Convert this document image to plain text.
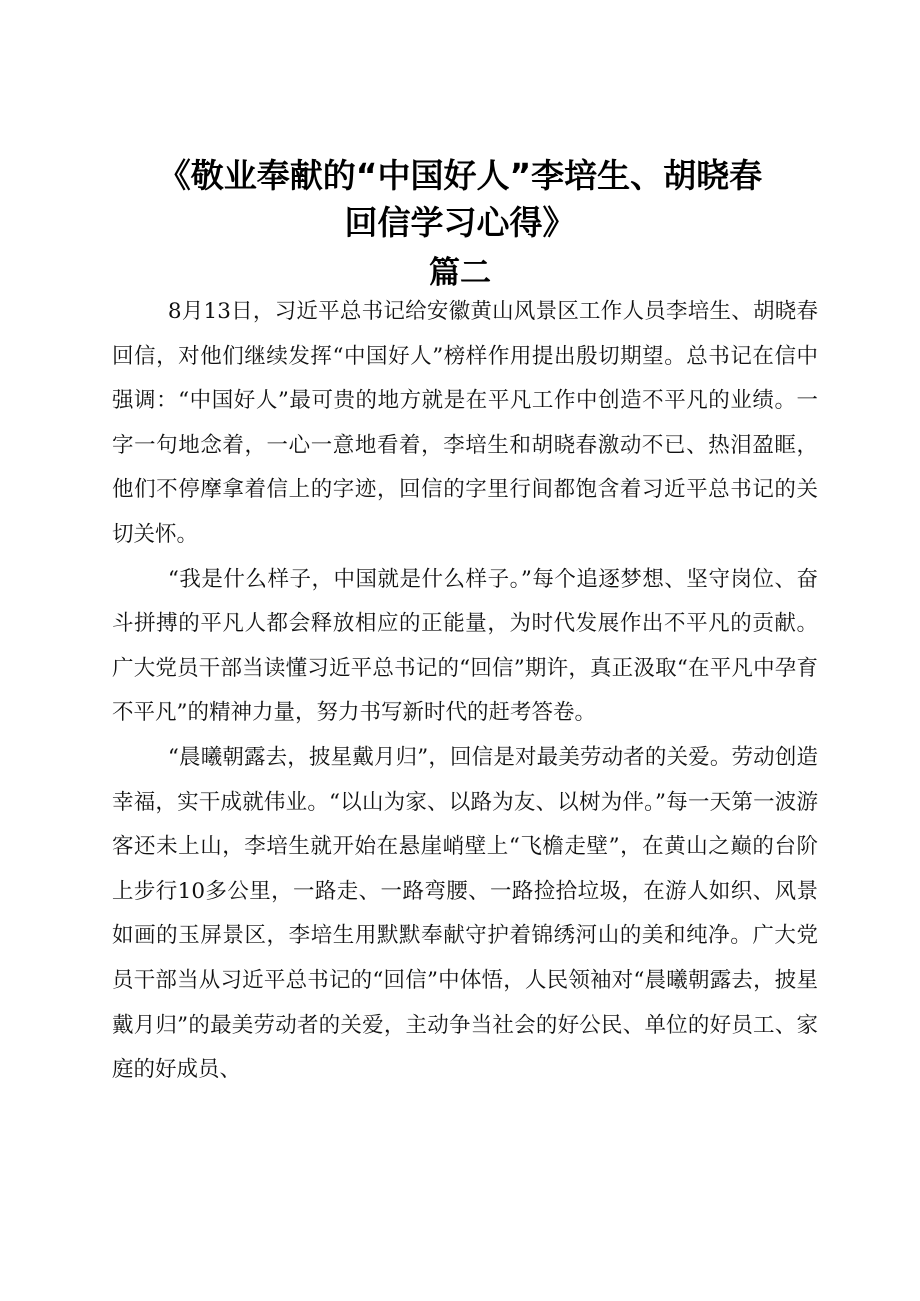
《敬业奉献的“中国好人”李培生、胡晓春
回信学习心得》
篇二

8月13日，习近平总书记给安徽黄山风景区工作人员李培生、胡晓春回信，对他们继续发挥“中国好人”榜样作用提出殷切期望。总书记在信中强调：“中国好人”最可贵的地方就是在平凡工作中创造不平凡的业绩。一字一句地念着，一心一意地看着，李培生和胡晓春激动不已、热泪盈眶，他们不停摩拿着信上的字迹，回信的字里行间都饱含着习近平总书记的关切关怀。

“我是什么样子，中国就是什么样子。”每个追逐梦想、坚守岗位、奋斗拼搏的平凡人都会释放相应的正能量，为时代发展作出不平凡的贡献。广大党员干部当读懂习近平总书记的“回信”期许，真正汲取“在平凡中孕育不平凡”的精神力量，努力书写新时代的赶考答卷。

“晨曦朝露去，披星戴月归”，回信是对最美劳动者的关爱。劳动创造幸福，实干成就伟业。“以山为家、以路为友、以树为伴。”每一天第一波游客还未上山，李培生就开始在悬崖峭壁上“飞檐走壁”，在黄山之巅的台阶上步行10多公里，一路走、一路弯腰、一路捡拾垃圾，在游人如织、风景如画的玉屏景区，李培生用默默奉献守护着锦绣河山的美和纯净。广大党员干部当从习近平总书记的“回信”中体悟，人民领袖对“晨曦朝露去，披星戴月归”的最美劳动者的关爱，主动争当社会的好公民、单位的好员工、家庭的好成员、
